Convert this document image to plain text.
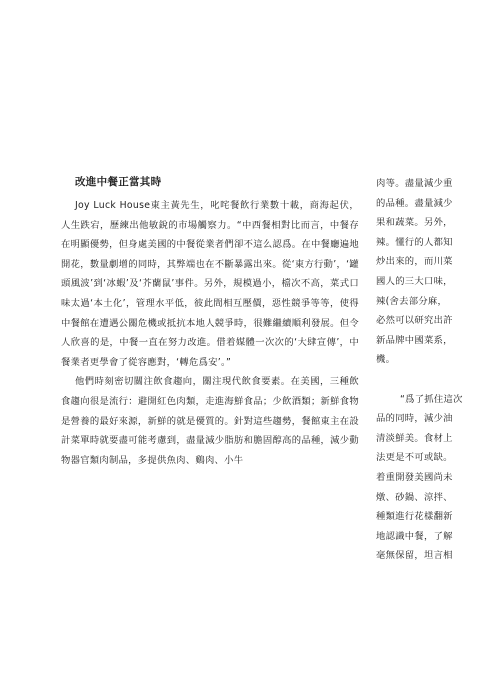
改進中餐正當其時

Joy Luck House東主黃先生，叱咤餐飲行業數十載，商海起伏，人生跌宕，歷練出他敏銳的市場觸察力。“中西餐相對比而言，中餐存在明顯優勢，但身處美國的中餐從業者們卻不這么認爲。在中餐廳遍地開花，數量劇增的同時，其弊端也在不斷暴露出來。從‘東方行動’，‘罐頭風波’到‘冰蝦’及‘芥蘭鼠’事件。另外，規模過小，檔次不高，菜式口味太過‘本土化’，管理水平低，彼此間相互壓價，惡性競爭等等，使得中餐館在遭遇公關危機或抵抗本地人競爭時，很難繼續順利發展。但令人欣喜的是，中餐一直在努力改進。借着媒體一次次的‘大肆宣傳’，中餐業者更學會了從容應對，‘轉危爲安’。”

他們時刻密切關注飲食趨向，關注現代飲食要素。在美國，三種飲食趨向很是流行：避開紅色肉類，走進海鮮食品；少飲酒類；新鮮食物是營養的最好來源，新鮮的就是優質的。針對這些趨勢，餐館東主在設計菜單時就要盡可能考慮到，盡量減少脂肪和膽固醇高的品種，減少動物器官類肉制品，多提供魚肉、鷄肉、小牛

肉等。盡量減少重
的品種。盡量減少
果和蔬菜。另外，
辣。懂行的人都知
炒出來的，而川菜
國人的三大口味，
辣(舍去部分麻，
必然可以研究出許
新品牌中國菜系，
機。
“爲了抓住這次
品的同時，減少油
清淡鮮美。食材上
法更是不可或缺。
着重開發美國尚未
燉、砂鍋、涼拌、
種類進行花樣翻新
地認識中餐，了解
毫無保留，坦言相
